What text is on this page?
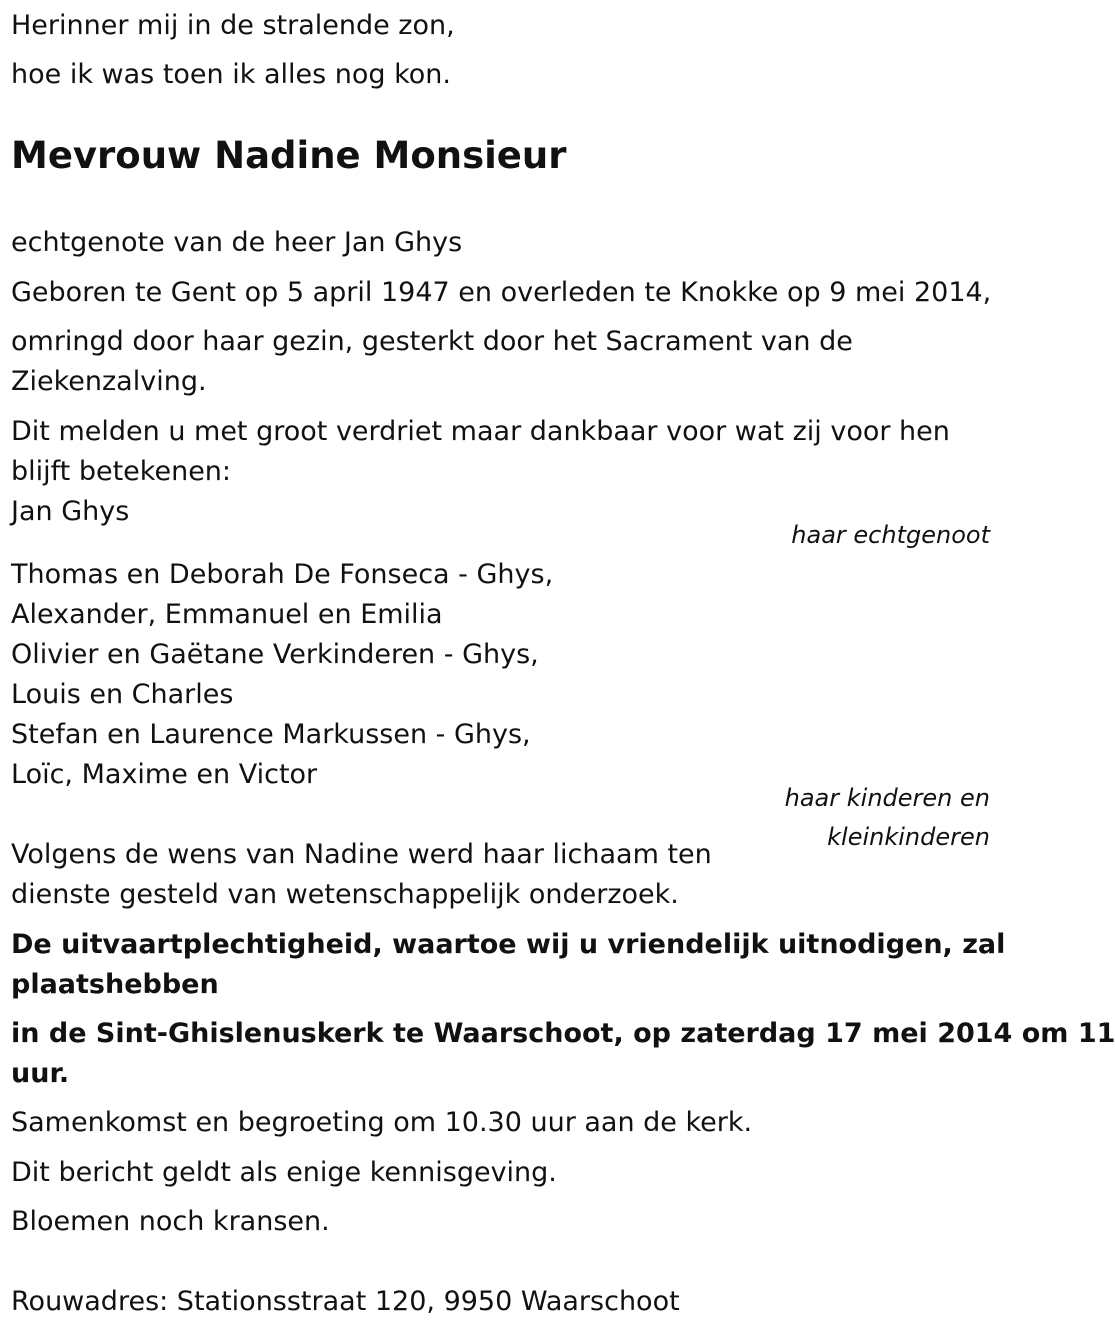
Herinner mij in de stralende zon,

hoe ik was toen ik alles nog kon.

Mevrouw Nadine Monsieur

echtgenote van de heer Jan Ghys

Geboren te Gent op 5 april 1947 en overleden te Knokke op 9 mei 2014,

omringd door haar gezin, gesterkt door het Sacrament van de

Ziekenzalving.

Dit melden u met groot verdriet maar dankbaar voor wat zij voor hen

blijft betekenen:

Jan Ghys

haar echtgenoot

Thomas en Deborah De Fonseca - Ghys,

Alexander, Emmanuel en Emilia

Olivier en Gaëtane Verkinderen - Ghys,

Louis en Charles

Stefan en Laurence Markussen - Ghys,

Loïc, Maxime en Victor

haar kinderen en

kleinkinderen

Volgens de wens van Nadine werd haar lichaam ten

dienste gesteld van wetenschappelijk onderzoek.

De uitvaartplechtigheid, waartoe wij u vriendelijk uitnodigen, zal

plaatshebben

in de Sint-Ghislenuskerk te Waarschoot, op zaterdag 17 mei 2014 om 11

uur.

Samenkomst en begroeting om 10.30 uur aan de kerk.

Dit bericht geldt als enige kennisgeving.

Bloemen noch kransen.

Rouwadres: Stationsstraat 120, 9950 Waarschoot
